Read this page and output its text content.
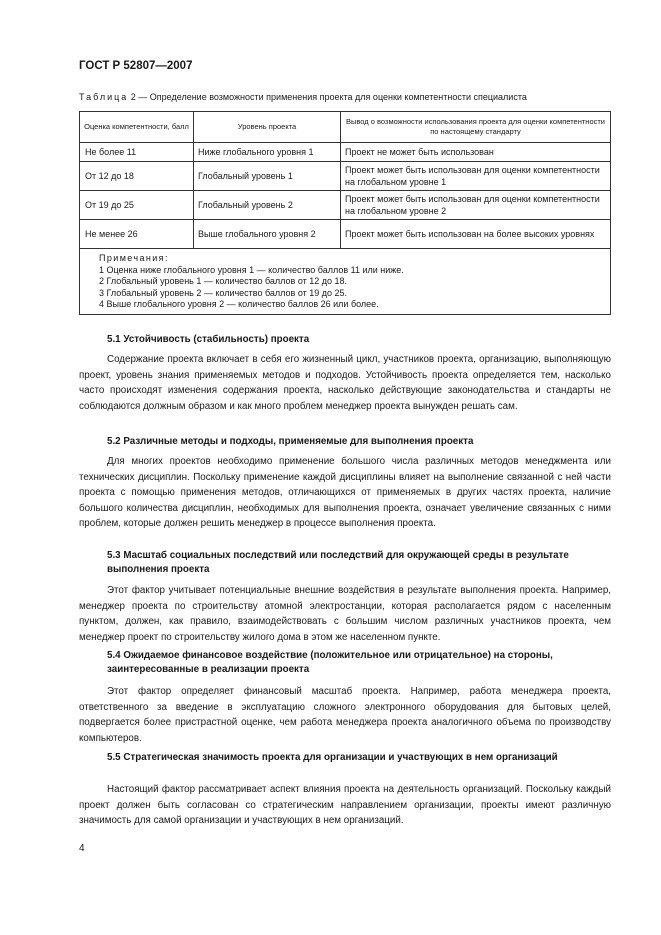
ГОСТ Р 52807—2007
Таблица 2 — Определение возможности применения проекта для оценки компетентности специалиста
Оценка компетентности, балл	Уровень проекта	Вывод о возможности использования проекта для оценки компетентности по настоящему стандарту
Не более 11	Ниже глобального уровня 1	Проект не может быть использован
От 12 до 18	Глобальный уровень 1	Проект может быть использован для оценки компетентности на глобальном уровне 1
От 19 до 25	Глобальный уровень 2	Проект может быть использован для оценки компетентности на глобальном уровне 2
Не менее 26	Выше глобального уровня 2	Проект может быть использован на более высоких уровнях

Примечания:
1 Оценка ниже глобального уровня 1 — количество баллов 11 или ниже.
2 Глобальный уровень 1 — количество баллов от 12 до 18.
3 Глобальный уровень 2 — количество баллов от 19 до 25.
4 Выше глобального уровня 2 — количество баллов 26 или более.		
5.1 Устойчивость (стабильность) проекта
Содержание проекта включает в себя его жизненный цикл, участников проекта, организацию, выполняющую проект, уровень знания применяемых методов и подходов. Устойчивость проекта определяется тем, насколько часто происходят изменения содержания проекта, насколько действующие законодательства и стандарты не соблюдаются должным образом и как много проблем менеджер проекта вынужден решать сам.
5.2 Различные методы и подходы, применяемые для выполнения проекта
Для многих проектов необходимо применение большого числа различных методов менеджмента или технических дисциплин. Поскольку применение каждой дисциплины влияет на выполнение связанной с ней части проекта с помощью применения методов, отличающихся от применяемых в других частях проекта, наличие большого количества дисциплин, необходимых для выполнения проекта, означает увеличение связанных с ними проблем, которые должен решить менеджер в процессе выполнения проекта.
5.3 Масштаб социальных последствий или последствий для окружающей среды в результате выполнения проекта
Этот фактор учитывает потенциальные внешние воздействия в результате выполнения проекта. Например, менеджер проекта по строительству атомной электростанции, которая располагается рядом с населенным пунктом, должен, как правило, взаимодействовать с большим числом различных участников проекта, чем менеджер проект по строительству жилого дома в этом же населенном пункте.
5.4 Ожидаемое финансовое воздействие (положительное или отрицательное) на стороны, заинтересованные в реализации проекта
Этот фактор определяет финансовый масштаб проекта. Например, работа менеджера проекта, ответственного за введение в эксплуатацию сложного электронного оборудования для бытовых целей, подвергается более пристрастной оценке, чем работа менеджера проекта аналогичного объема по производству компьютеров.
5.5 Стратегическая значимость проекта для организации и участвующих в нем организаций
Настоящий фактор рассматривает аспект влияния проекта на деятельность организаций. Поскольку каждый проект должен быть согласован со стратегическим направлением организации, проекты имеют различную значимость для самой организации и участвующих в нем организаций.
4
